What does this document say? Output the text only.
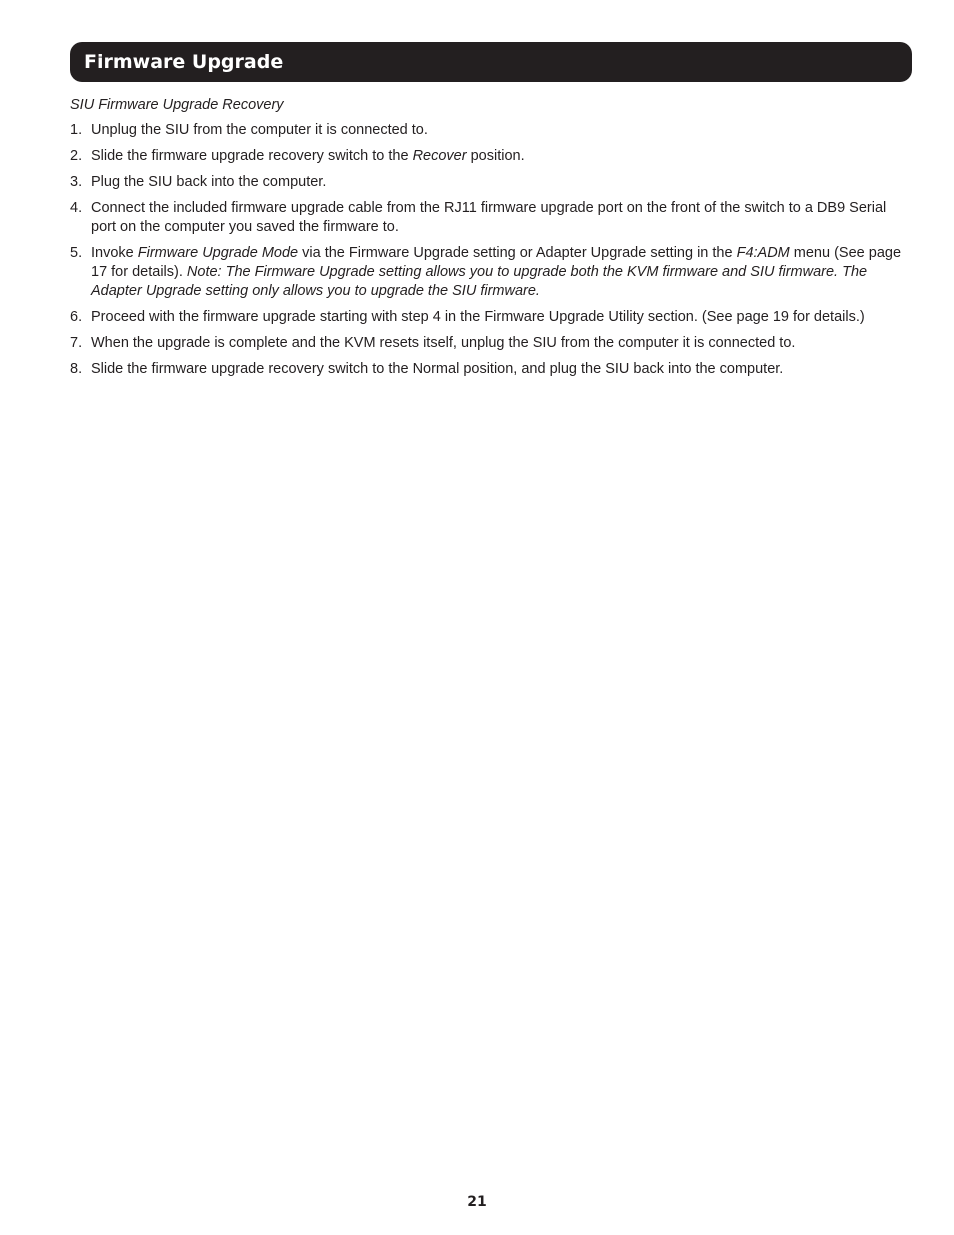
Firmware Upgrade
SIU Firmware Upgrade Recovery
1. Unplug the SIU from the computer it is connected to.
2. Slide the firmware upgrade recovery switch to the Recover position.
3. Plug the SIU back into the computer.
4. Connect the included firmware upgrade cable from the RJ11 firmware upgrade port on the front of the switch to a DB9 Serial port on the computer you saved the firmware to.
5. Invoke Firmware Upgrade Mode via the Firmware Upgrade setting or Adapter Upgrade setting in the F4:ADM menu (See page 17 for details). Note: The Firmware Upgrade setting allows you to upgrade both the KVM firmware and SIU firmware. The Adapter Upgrade setting only allows you to upgrade the SIU firmware.
6. Proceed with the firmware upgrade starting with step 4 in the Firmware Upgrade Utility section. (See page 19 for details.)
7. When the upgrade is complete and the KVM resets itself, unplug the SIU from the computer it is connected to.
8. Slide the firmware upgrade recovery switch to the Normal position, and plug the SIU back into the computer.
21
